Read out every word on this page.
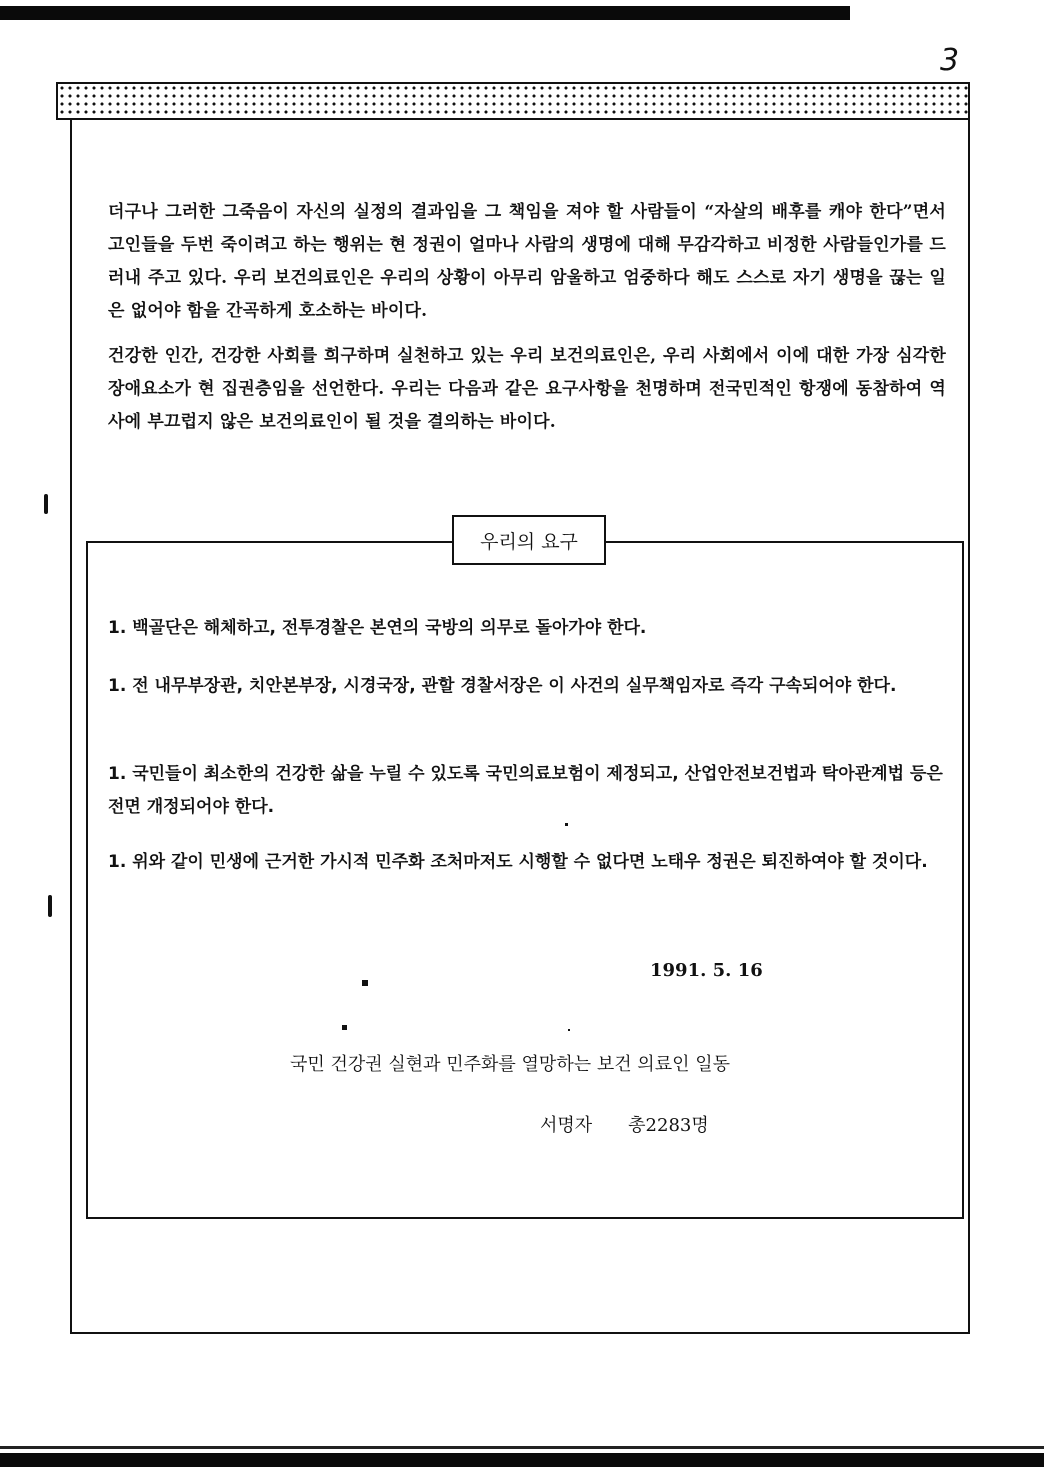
3

더구나 그러한 그죽음이 자신의 실정의 결과임을 그 책임을 져야 할 사람들이 “자살의 배후를 캐야 한다”면서 고인들을 두번 죽이려고 하는 행위는 현 정권이 얼마나 사람의 생명에 대해 무감각하고 비정한 사람들인가를 드러내 주고 있다. 우리 보건의료인은 우리의 상황이 아무리 암울하고 엄중하다 해도 스스로 자기 생명을 끊는 일은 없어야 함을 간곡하게 호소하는 바이다.

건강한 인간, 건강한 사회를 희구하며 실천하고 있는 우리 보건의료인은, 우리 사회에서 이에 대한 가장 심각한 장애요소가 현 집권층임을 선언한다. 우리는 다음과 같은 요구사항을 천명하며 전국민적인 항쟁에 동참하여 역사에 부끄럽지 않은 보건의료인이 될 것을 결의하는 바이다.

우리의 요구

1. 백골단은 해체하고, 전투경찰은 본연의 국방의 의무로 돌아가야 한다.

1. 전 내무부장관, 치안본부장, 시경국장, 관할 경찰서장은 이 사건의 실무책임자로 즉각 구속되어야 한다.

1. 국민들이 최소한의 건강한 삶을 누릴 수 있도록 국민의료보험이 제정되고, 산업안전보건법과 탁아관계법 등은 전면 개정되어야 한다.

1. 위와 같이 민생에 근거한 가시적 민주화 조처마저도 시행할 수 없다면 노태우 정권은 퇴진하여야 할 것이다.

1991. 5. 16
국민 건강권 실현과 민주화를 열망하는 보건 의료인 일동
서명자 총2283명
